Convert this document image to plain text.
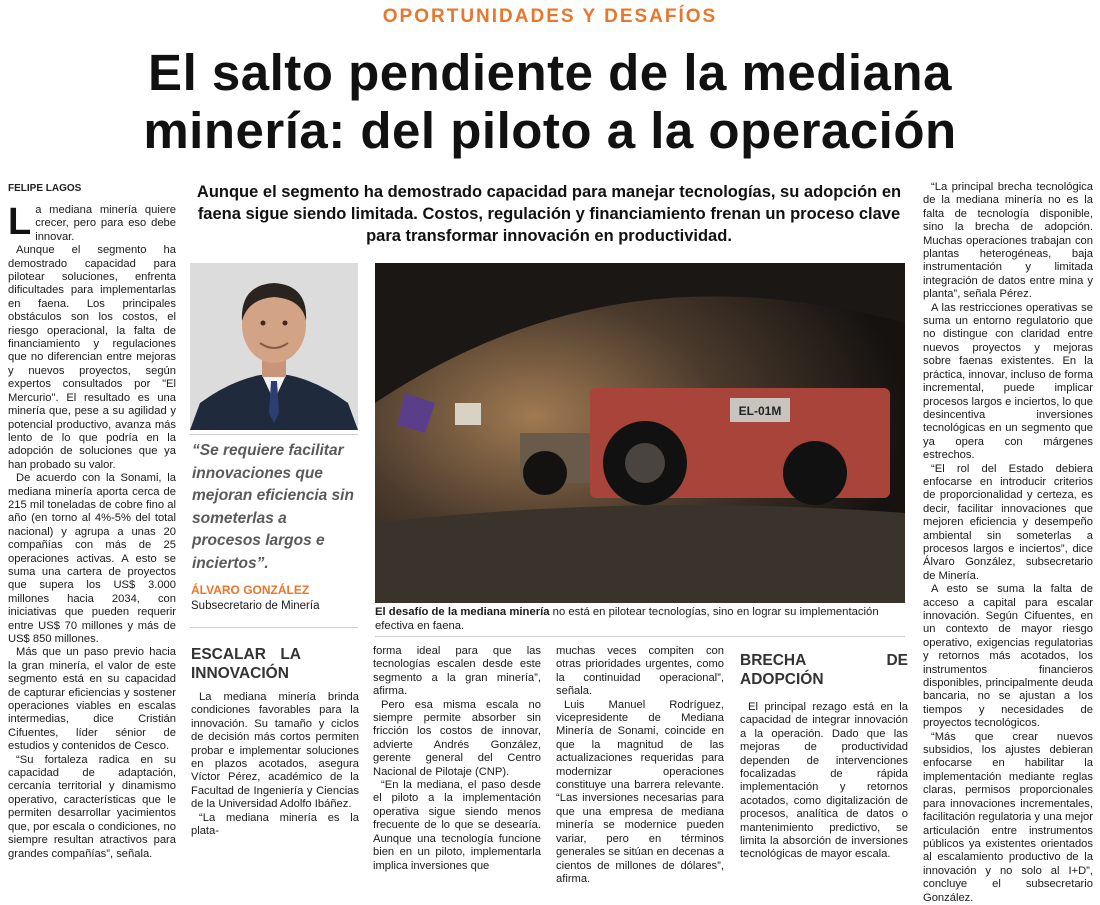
OPORTUNIDADES Y DESAFÍOS
El salto pendiente de la mediana
minería: del piloto a la operación
FELIPE LAGOS	Aunque el segmento ha demostrado capacidad para manejar tecnologías, su adopción en faena sigue siendo limitada. Costos, regulación y financiamiento frenan un proceso clave para transformar innovación en productividad.

La mediana minería quiere crecer, pero para eso debe innovar.

Aunque el segmento ha demostrado capacidad para pilotear soluciones, enfrenta dificultades para implementarlas en faena. Los principales obstáculos son los costos, el riesgo operacional, la falta de financiamiento y regulaciones que no diferencian entre mejoras y nuevos proyectos, según expertos consultados por "El Mercurio". El resultado es una minería que, pese a su agilidad y potencial productivo, avanza más lento de lo que podría en la adopción de soluciones que ya han probado su valor.

De acuerdo con la Sonami, la mediana minería aporta cerca de 215 mil toneladas de cobre fino al año (en torno al 4%-5% del total nacional) y agrupa a unas 20 compañías con más de 25 operaciones activas. A esto se suma una cartera de proyectos que supera los US$ 3.000 millones hacia 2034, con iniciativas que pueden requerir entre US$ 70 millones y más de US$ 850 millones.

Más que un paso previo hacia la gran minería, el valor de este segmento está en su capacidad de capturar eficiencias y sostener operaciones viables en escalas intermedias, dice Cristián Cifuentes, líder sénior de estudios y contenidos de Cesco.

“Su fortaleza radica en su capacidad de adaptación, cercanía territorial y dinamismo operativo, características que le permiten desarrollar yacimientos que, por escala o condiciones, no siempre resultan atractivos para grandes compañías”, señala.

“Se requiere facilitar innovaciones que mejoran eficiencia sin someterlas a procesos largos e inciertos”.
ÁLVARO GONZÁLEZ
Subsecretario de Minería
EL-01M
El desafío de la mediana minería no está en pilotear tecnologías, sino en lograr su implementación efectiva en faena.
ESCALAR LA INNOVACIÓN

La mediana minería brinda condiciones favorables para la innovación. Su tamaño y ciclos de decisión más cortos permiten probar e implementar soluciones en plazos acotados, asegura Víctor Pérez, académico de la Facultad de Ingeniería y Ciencias de la Universidad Adolfo Ibáñez.

“La mediana minería es la plata-

forma ideal para que las tecnologías escalen desde este segmento a la gran minería”, afirma.

Pero esa misma escala no siempre permite absorber sin fricción los costos de innovar, advierte Andrés González, gerente general del Centro Nacional de Pilotaje (CNP).

“En la mediana, el paso desde el piloto a la implementación operativa sigue siendo menos frecuente de lo que se desearía. Aunque una tecnología funcione bien en un piloto, implementarla implica inversiones que

muchas veces compiten con otras prioridades urgentes, como la continuidad operacional”, señala.

Luis Manuel Rodríguez, vicepresidente de Mediana Minería de Sonami, coincide en que la magnitud de las actualizaciones requeridas para modernizar operaciones constituye una barrera relevante. “Las inversiones necesarias para que una empresa de mediana minería se modernice pueden variar, pero en términos generales se sitúan en decenas a cientos de millones de dólares”, afirma.

BRECHA DE ADOPCIÓN

El principal rezago está en la capacidad de integrar innovación a la operación. Dado que las mejoras de productividad dependen de intervenciones focalizadas de rápida implementación y retornos acotados, como digitalización de procesos, analítica de datos o mantenimiento predictivo, se limita la absorción de inversiones tecnológicas de mayor escala.

“La principal brecha tecnológica de la mediana minería no es la falta de tecnología disponible, sino la brecha de adopción. Muchas operaciones trabajan con plantas heterogéneas, baja instrumentación y limitada integración de datos entre mina y planta”, señala Pérez.

A las restricciones operativas se suma un entorno regulatorio que no distingue con claridad entre nuevos proyectos y mejoras sobre faenas existentes. En la práctica, innovar, incluso de forma incremental, puede implicar procesos largos e inciertos, lo que desincentiva inversiones tecnológicas en un segmento que ya opera con márgenes estrechos.

“El rol del Estado debiera enfocarse en introducir criterios de proporcionalidad y certeza, es decir, facilitar innovaciones que mejoren eficiencia y desempeño ambiental sin someterlas a procesos largos e inciertos”, dice Álvaro González, subsecretario de Minería.

A esto se suma la falta de acceso a capital para escalar innovación. Según Cifuentes, en un contexto de mayor riesgo operativo, exigencias regulatorias y retornos más acotados, los instrumentos financieros disponibles, principalmente deuda bancaria, no se ajustan a los tiempos y necesidades de proyectos tecnológicos.

“Más que crear nuevos subsidios, los ajustes debieran enfocarse en habilitar la implementación mediante reglas claras, permisos proporcionales para innovaciones incrementales, facilitación regulatoria y una mejor articulación entre instrumentos públicos ya existentes orientados al escalamiento productivo de la innovación y no solo al I+D”, concluye el subsecretario González.
